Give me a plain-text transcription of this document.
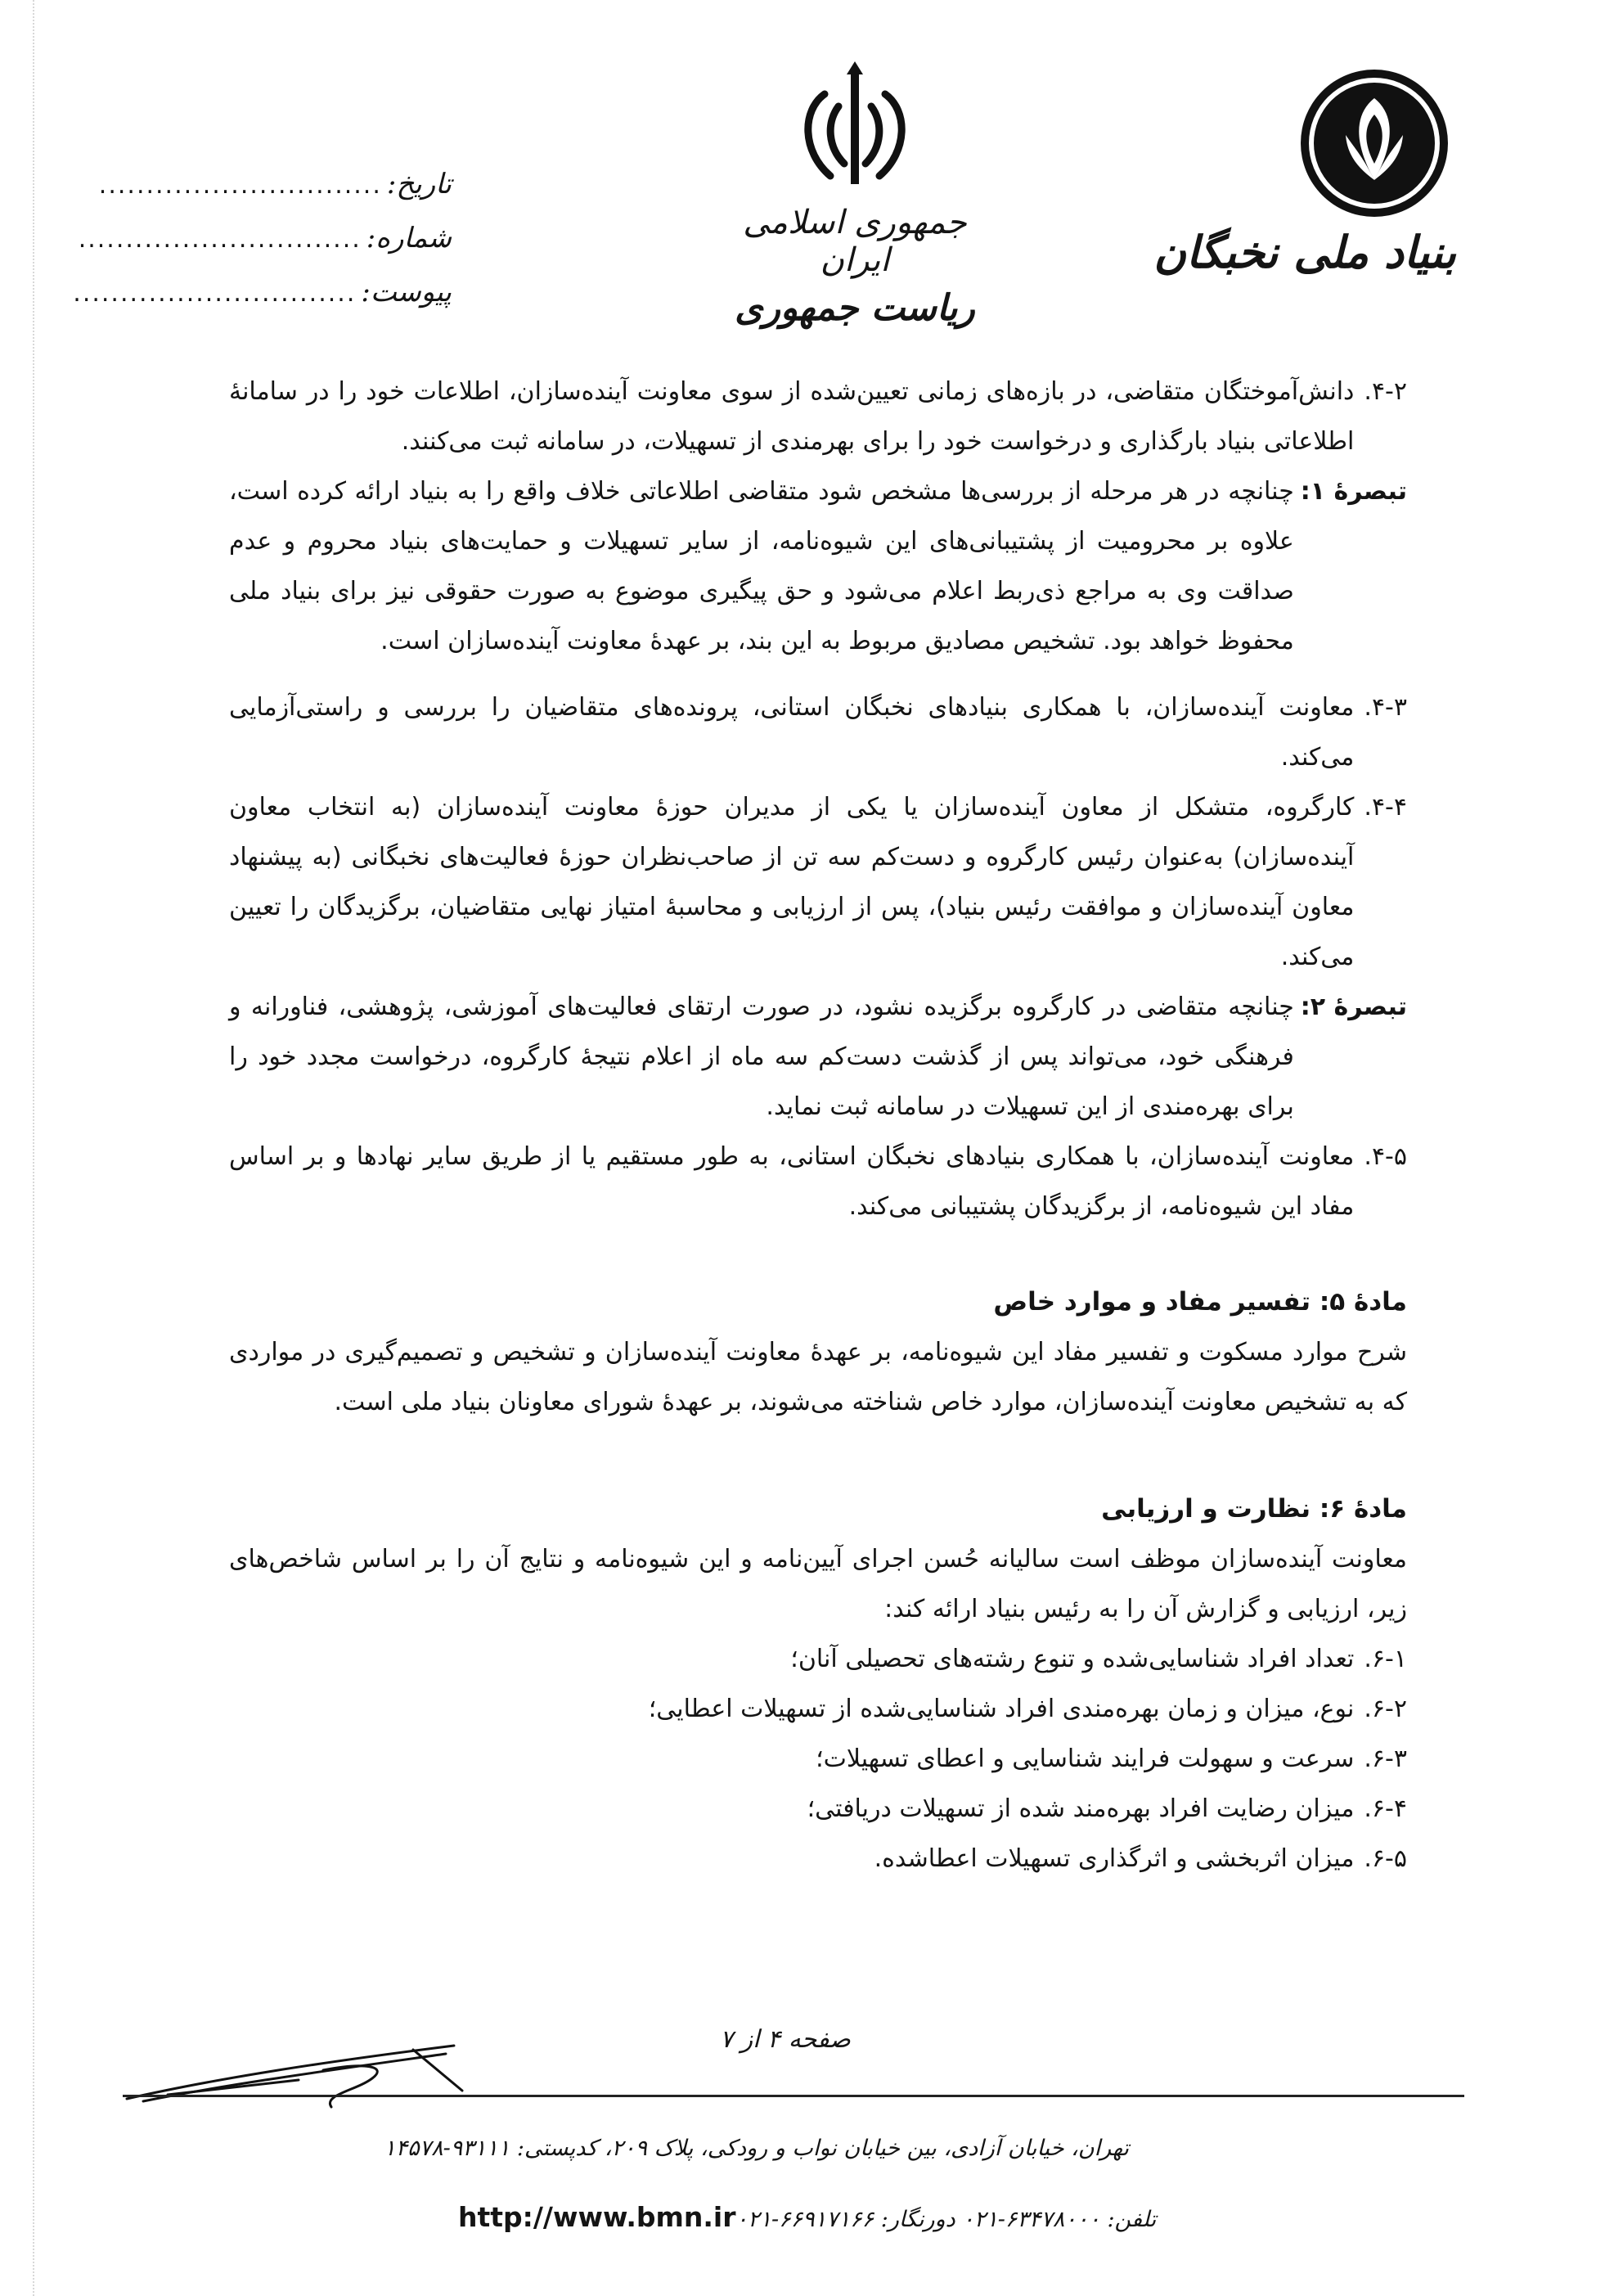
بنیاد ملی نخبگان
جمهوری اسلامی ایران
ریاست جمهوری
تاریخ:
..............................
شماره:
..............................
پیوست:
..............................
۴-۲.
دانش‌آموختگان متقاضی، در بازه‌های زمانی تعیین‌شده از سوی معاونت آینده‌سازان، اطلاعات خود را در سامانهٔ اطلاعاتی بنیاد بارگذاری و درخواست خود را برای بهرمندی از تسهیلات، در سامانه ثبت می‌کنند.
تبصرهٔ ۱:
چنانچه در هر مرحله از بررسی‌ها مشخص شود متقاضی اطلاعاتی خلاف واقع را به بنیاد ارائه کرده است، علاوه بر محرومیت از پشتیبانی‌های این شیوه‌نامه، از سایر تسهیلات و حمایت‌های بنیاد محروم و عدم صداقت وی به مراجع ذی‌ربط اعلام می‌شود و حق پیگیری موضوع به صورت حقوقی نیز برای بنیاد ملی محفوظ خواهد بود. تشخیص مصادیق مربوط به این بند، بر عهدهٔ معاونت آینده‌سازان است.
۴-۳.
معاونت آینده‌سازان، با همکاری بنیادهای نخبگان استانی، پرونده‌های متقاضیان را بررسی و راستی‌آزمایی می‌کند.
۴-۴.
کارگروه، متشکل از معاون آینده‌سازان یا یکی از مدیران حوزهٔ معاونت آینده‌سازان (به انتخاب معاون آینده‌سازان) به‌عنوان رئیس کارگروه و دست‌کم سه تن از صاحب‌نظران حوزهٔ فعالیت‌های نخبگانی (به پیشنهاد معاون آینده‌سازان و موافقت رئیس بنیاد)، پس از ارزیابی و محاسبهٔ امتیاز نهایی متقاضیان، برگزیدگان را تعیین می‌کند.
تبصرهٔ ۲:
چنانچه متقاضی در کارگروه برگزیده نشود، در صورت ارتقای فعالیت‌های آموزشی، پژوهشی، فناورانه و فرهنگی خود، می‌تواند پس از گذشت دست‌کم سه ماه از اعلام نتیجهٔ کارگروه، درخواست مجدد خود را برای بهره‌مندی از این تسهیلات در سامانه ثبت نماید.
۴-۵.
معاونت آینده‌سازان، با همکاری بنیادهای نخبگان استانی، به طور مستقیم یا از طریق سایر نهادها و بر اساس مفاد این شیوه‌نامه، از برگزیدگان پشتیبانی می‌کند.
مادهٔ ۵: تفسیر مفاد و موارد خاص
شرح موارد مسکوت و تفسیر مفاد این شیوه‌نامه، بر عهدهٔ معاونت آینده‌سازان و تشخیص و تصمیم‌گیری در مواردی که به تشخیص معاونت آینده‌سازان، موارد خاص شناخته می‌شوند، بر عهدهٔ شورای معاونان بنیاد ملی است.
مادهٔ ۶: نظارت و ارزیابی
معاونت آینده‌سازان موظف است سالیانه حُسن اجرای آیین‌نامه و این شیوه‌نامه و نتایج آن را بر اساس شاخص‌های زیر، ارزیابی و گزارش آن را به رئیس بنیاد ارائه کند:
۶-۱.
تعداد افراد شناسایی‌شده و تنوع رشته‌های تحصیلی آنان؛
۶-۲.
نوع، میزان و زمان بهره‌مندی افراد شناسایی‌شده از تسهیلات اعطایی؛
۶-۳.
سرعت و سهولت فرایند شناسایی و اعطای تسهیلات؛
۶-۴.
میزان رضایت افراد بهره‌مند شده از تسهیلات دریافتی؛
۶-۵.
میزان اثربخشی و اثرگذاری تسهیلات اعطاشده.
صفحه ۴ از ۷
تهران، خیابان آزادی، بین خیابان نواب و رودکی، پلاک ۲۰۹، کدپستی: ۹۳۱۱۱-۱۴۵۷۸
http://www.bmn.ir تلفن: ۶۳۴۷۸۰۰۰-۰۲۱ دورنگار: ۶۶۹۱۷۱۶۶-۰۲۱
